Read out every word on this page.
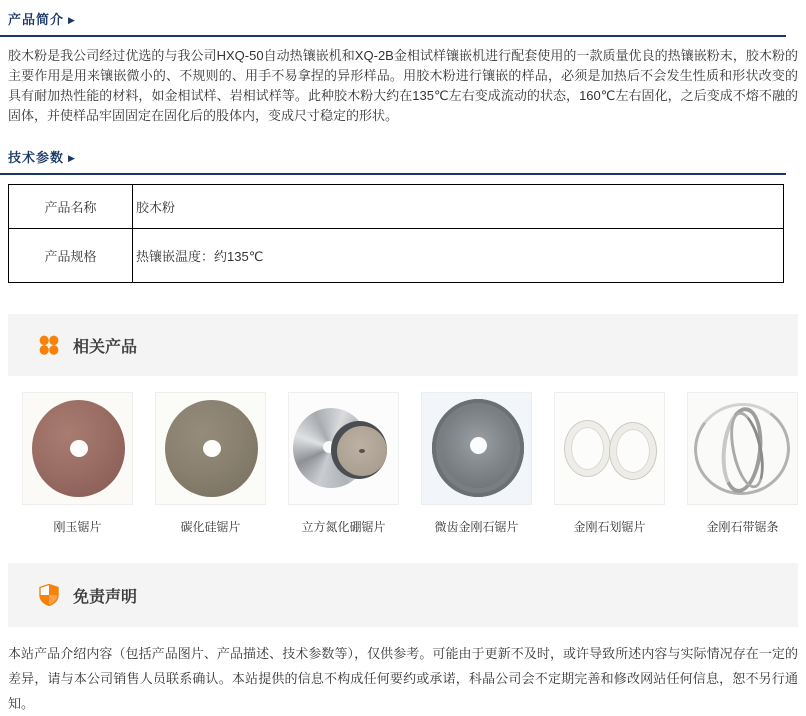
产品简介 ▶

胶木粉是我公司经过优选的与我公司HXQ-50自动热镶嵌机和XQ-2B金相试样镶嵌机进行配套使用的一款质量优良的热镶嵌粉末，胶木粉的主要作用是用来镶嵌微小的、不规则的、用手不易拿捏的异形样品。用胶木粉进行镶嵌的样品，必须是加热后不会发生性质和形状改变的具有耐加热性能的材料，如金相试样、岩相试样等。此种胶木粉大约在135℃左右变成流动的状态，160℃左右固化，之后变成不熔不融的固体，并使样品牢固固定在固化后的股体内，变成尺寸稳定的形状。

技术参数 ▶
产品名称	胶木粉
产品规格	热镶嵌温度：约135℃
相关产品
刚玉锯片	碳化硅锯片	立方氮化硼锯片	微齿金刚石锯片	金刚石划锯片	金刚石带锯条
免责声明

本站产品介绍内容（包括产品图片、产品描述、技术参数等），仅供参考。可能由于更新不及时，或许导致所述内容与实际情况存在一定的差异，请与本公司销售人员联系确认。本站提供的信息不构成任何要约或承诺，科晶公司会不定期完善和修改网站任何信息，恕不另行通知。
